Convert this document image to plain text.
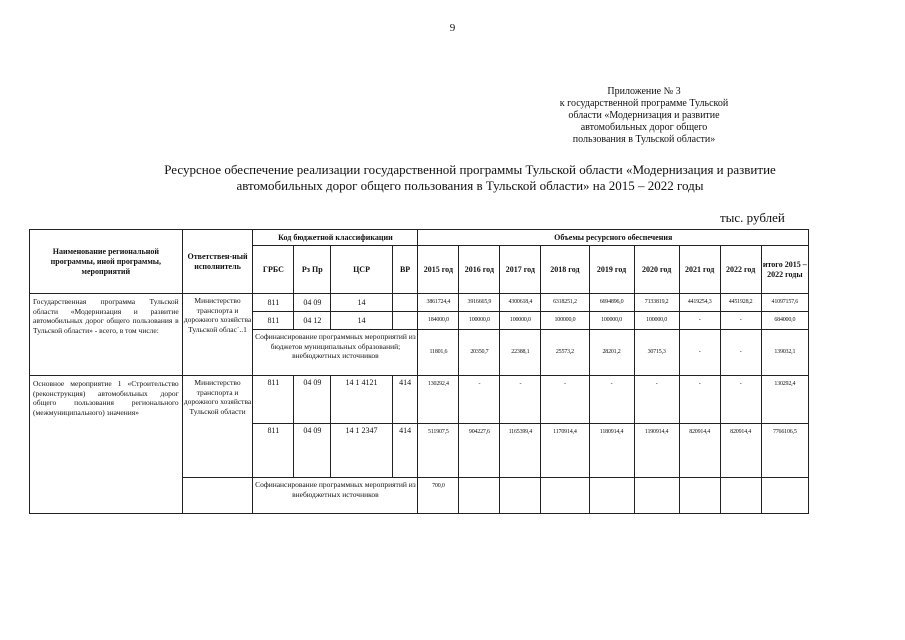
9
Приложение № 3
к государственной программе Тульской
области «Модернизация и развитие
автомобильных дорог общего
пользования в Тульской области»
Ресурсное обеспечение реализации государственной программы Тульской области «Модернизация и развитие
автомобильных дорог общего пользования в Тульской области» на 2015 – 2022 годы
тыс. рублей
Наименование региональной программы, иной программы, мероприятий	Ответствен-ный исполнитель	Код бюджетной классификации				Объемы ресурсного обеспечения								
		ГРБС	Рз Пр	ЦСР	ВР	2015 год	2016 год	2017 год	2018 год	2019 год	2020 год	2021 год	2022 год	итого 2015 – 2022 годы
Государственная программа Тульской области «Модернизация и развитие автомобильных дорог общего пользования в Тульской области» - всего, в том числе:	Министерство транспорта и дорожного хозяйства Тульской облас`..1	811	04 09	14		3861724,4	3916665,9	4300618,4	6318251,2	6694896,0	7133819,2	4419254,3	4451928,2	41097157,6
		811	04 12	14		184000,0	100000,0	100000,0	100000,0	100000,0	100000,0	-	-	684000,0
		Софинансирование программных мероприятий из бюджетов муниципальных образований; внебюджетных источников				11801,6	20350,7	22388,1	25573,2	28201,2	30715,3	-	-	139032,1
Основное мероприятие 1 «Строительство (реконструкция) автомобильных дорог общего пользования регионального (межмуниципального) значения»	Министерство транспорта и дорожного хозяйства Тульской области	811	04 09	14 1 4121	414	130292,4	-	-	-	-	-	-	-	130292,4
		811	04 09	14 1 2347	414	511907,5	904227,6	1165399,4	1170914,4	1180914,4	1190914,4	820914,4	820914,4	7766106,5
		Софинансирование программных мероприятий из внебюджетных источников				700,0								
